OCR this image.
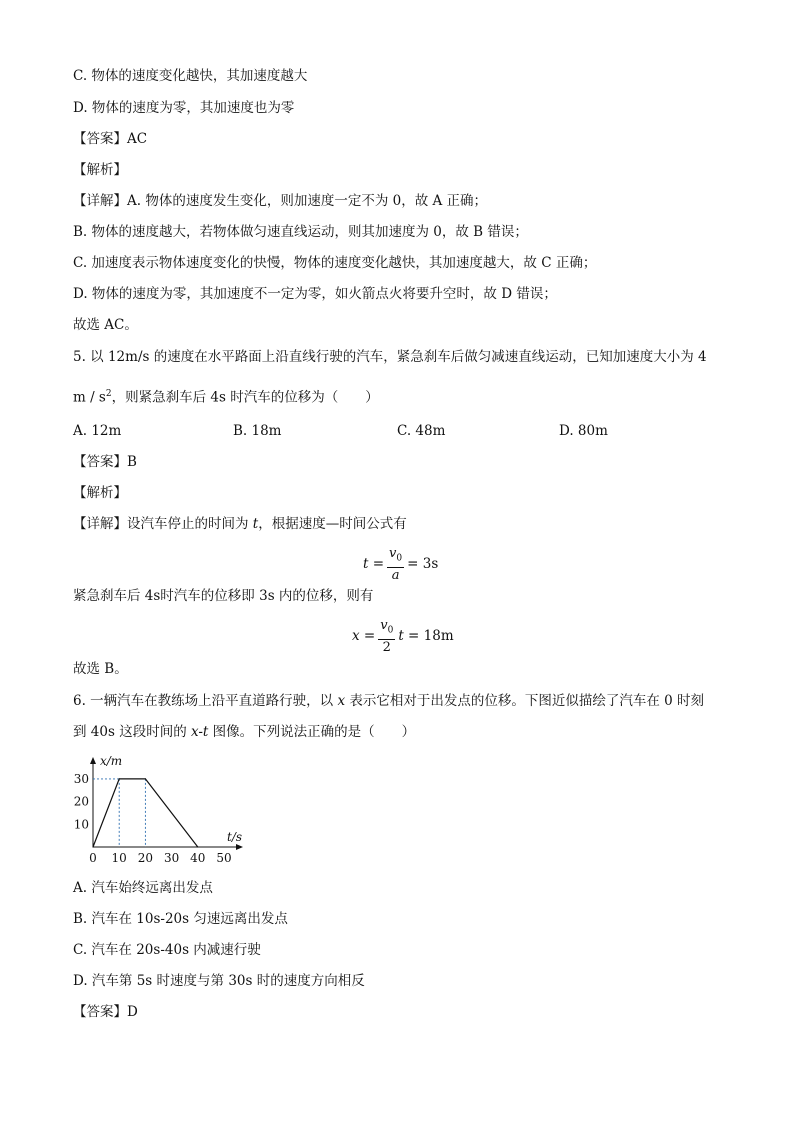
C. 物体的速度变化越快，其加速度越大
D. 物体的速度为零，其加速度也为零
【答案】AC
【解析】
【详解】A. 物体的速度发生变化，则加速度一定不为 0，故 A 正确；
B. 物体的速度越大，若物体做匀速直线运动，则其加速度为 0，故 B 错误；
C. 加速度表示物体速度变化的快慢，物体的速度变化越快，其加速度越大，故 C 正确；
D. 物体的速度为零，其加速度不一定为零，如火箭点火将要升空时，故 D 错误；
故选 AC。
5. 以 12m/s 的速度在水平路面上沿直线行驶的汽车，紧急刹车后做匀减速直线运动，已知加速度大小为 4
m / $s^2$，则紧急刹车后 4s 时汽车的位移为（　　）
A. 12m	B. 18m	C. 48m	D. 80m
【答案】B
【解析】
【详解】设汽车停止的时间为 t，根据速度—时间公式有
$t = \frac{v_0}{a} = 3s$
紧急刹车后 4s时汽车的位移即 3s 内的位移，则有
$x = \frac{v_0}{2}$ t = 18m
故选 B。
6. 一辆汽车在教练场上沿平直道路行驶，以 x 表示它相对于出发点的位移。下图近似描绘了汽车在 0 时刻
到 40s 这段时间的 x-t 图像。下列说法正确的是（　　）
x/m
t/s
0 10 20 30 40 50
10
20
30
A. 汽车始终远离出发点
B. 汽车在 10s-20s 匀速远离出发点
C. 汽车在 20s-40s 内减速行驶
D. 汽车第 5s 时速度与第 30s 时的速度方向相反
【答案】D
